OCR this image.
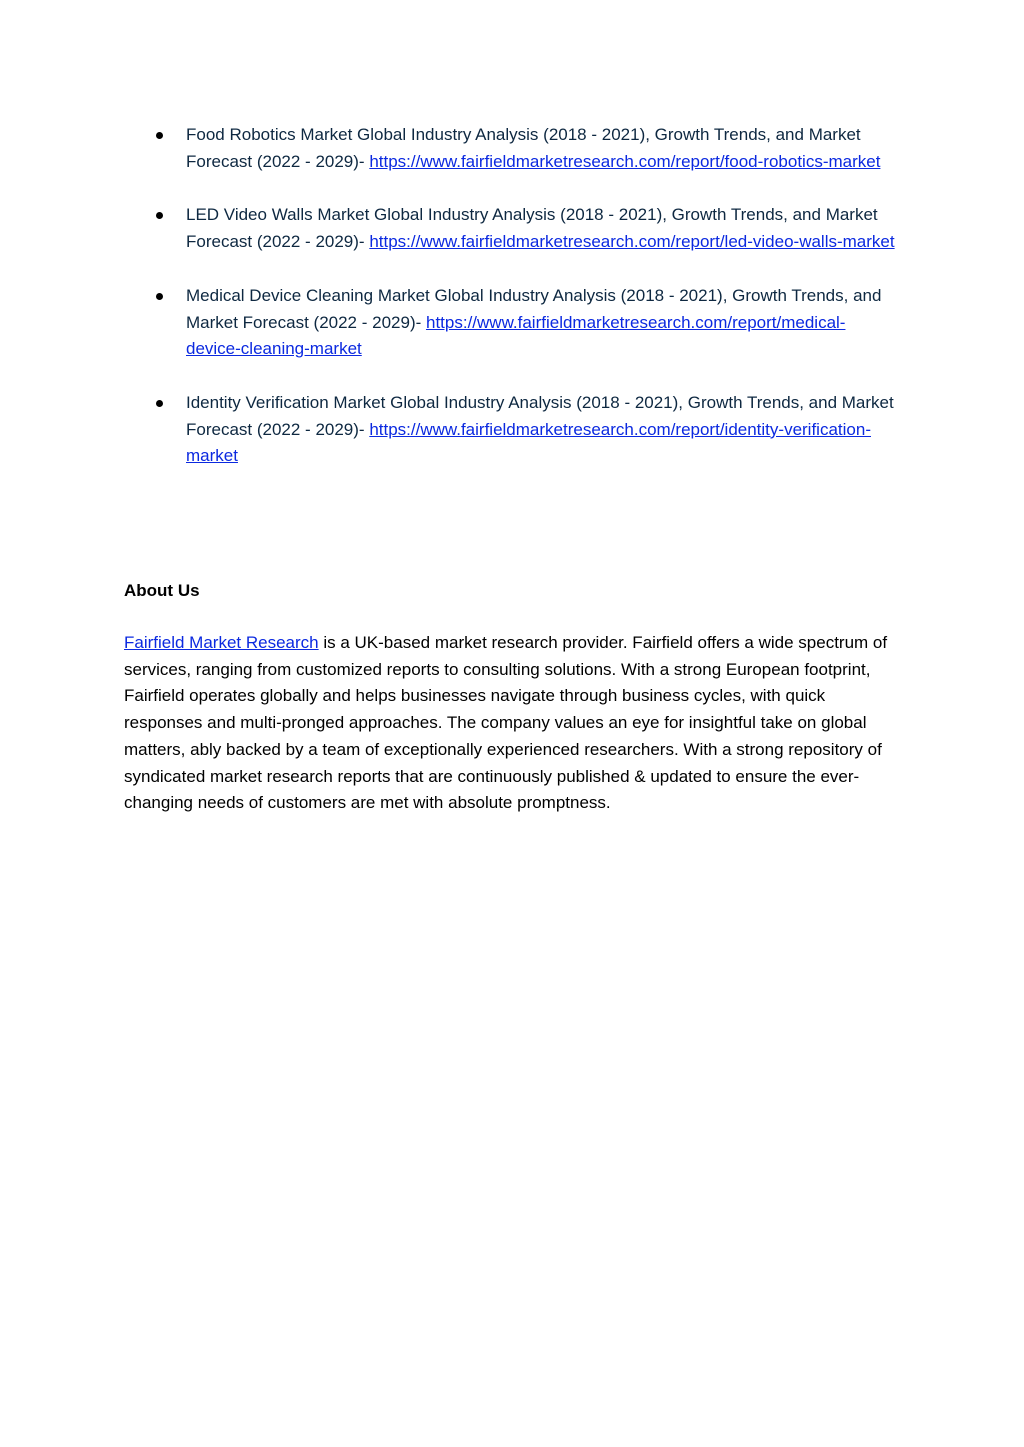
Food Robotics Market Global Industry Analysis (2018 - 2021), Growth Trends, and Market Forecast (2022 - 2029)- https://www.fairfieldmarketresearch.com/report/food-robotics-market
LED Video Walls Market Global Industry Analysis (2018 - 2021), Growth Trends, and Market Forecast (2022 - 2029)- https://www.fairfieldmarketresearch.com/report/led-video-walls-market
Medical Device Cleaning Market Global Industry Analysis (2018 - 2021), Growth Trends, and Market Forecast (2022 - 2029)- https://www.fairfieldmarketresearch.com/report/medical-device-cleaning-market
Identity Verification Market Global Industry Analysis (2018 - 2021), Growth Trends, and Market Forecast (2022 - 2029)- https://www.fairfieldmarketresearch.com/report/identity-verification-market
About Us

Fairfield Market Research is a UK-based market research provider. Fairfield offers a wide spectrum of services, ranging from customized reports to consulting solutions. With a strong European footprint, Fairfield operates globally and helps businesses navigate through business cycles, with quick responses and multi-pronged approaches. The company values an eye for insightful take on global matters, ably backed by a team of exceptionally experienced researchers. With a strong repository of syndicated market research reports that are continuously published & updated to ensure the ever-changing needs of customers are met with absolute promptness.
